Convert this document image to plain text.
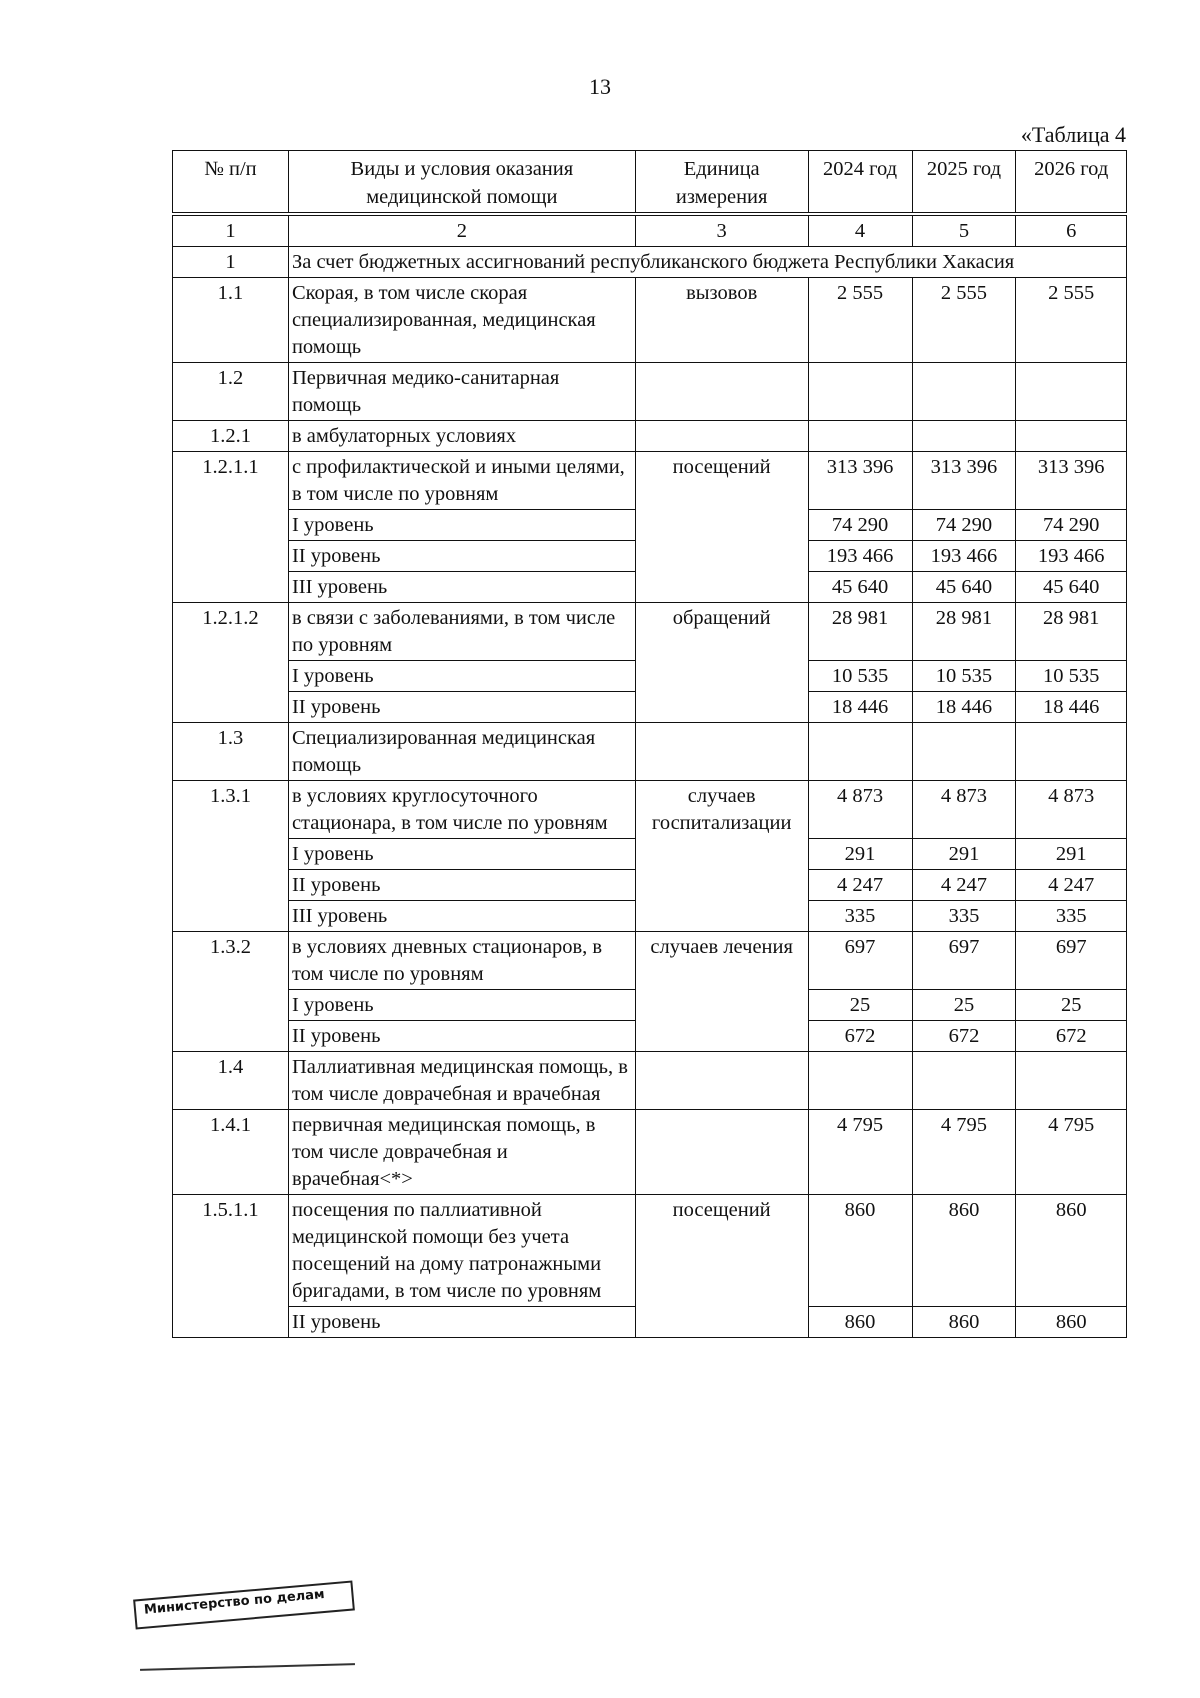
13
«Таблица 4
№ п/п	Виды и условия оказания медицинской помощи	Единица измерения	2024 год	2025 год	2026 год

1	2	3	4	5	6
1	За счет бюджетных ассигнований республиканского бюджета Республики Хакасия				
1.1	Скорая, в том числе скорая специализированная, медицинская помощь	вызовов	2 555	2 555	2 555
1.2	Первичная медико-санитарная помощь				
1.2.1	в амбулаторных условиях				
1.2.1.1	с профилактической и иными целями, в том числе по уровням	посещений	313 396	313 396	313 396
	I уровень		74 290	74 290	74 290
	II уровень		193 466	193 466	193 466
	III уровень		45 640	45 640	45 640
1.2.1.2	в связи с заболеваниями, в том числе по уровням	обращений	28 981	28 981	28 981
	I уровень		10 535	10 535	10 535
	II уровень		18 446	18 446	18 446
1.3	Специализированная медицинская помощь				
1.3.1	в условиях круглосуточного стационара, в том числе по уровням	случаев госпитализации	4 873	4 873	4 873
	I уровень		291	291	291
	II уровень		4 247	4 247	4 247
	III уровень		335	335	335
1.3.2	в условиях дневных стационаров, в том числе по уровням	случаев лечения	697	697	697
	I уровень		25	25	25
	II уровень		672	672	672
1.4	Паллиативная медицинская помощь, в том числе доврачебная и врачебная				
1.4.1	первичная медицинская помощь, в том числе доврачебная и врачебная<*>		4 795	4 795	4 795
1.5.1.1	посещения по паллиативной медицинской помощи без учета посещений на дому патронажными бригадами, в том числе по уровням	посещений	860	860	860
	II уровень		860	860	860
Министерство по делам
